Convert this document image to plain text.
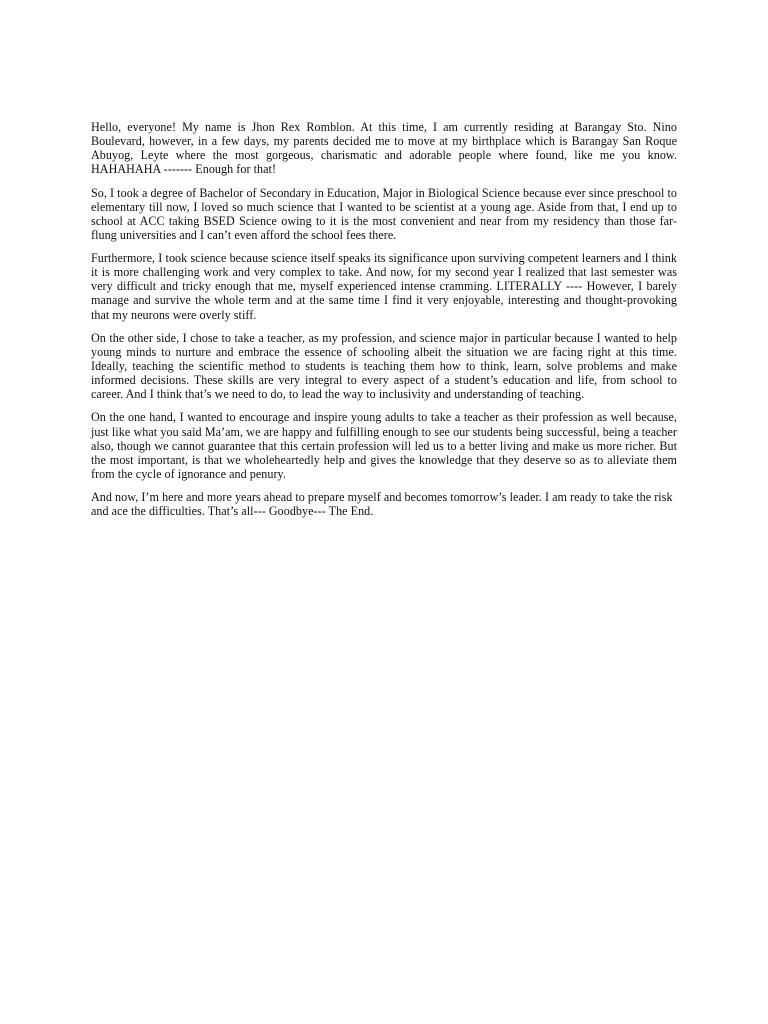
Hello, everyone! My name is Jhon Rex Romblon. At this time, I am currently residing at Barangay Sto. Nino Boulevard, however, in a few days, my parents decided me to move at my birthplace which is Barangay San Roque Abuyog, Leyte where the most gorgeous, charismatic and adorable people where found, like me you know. HAHAHAHA ------- Enough for that!

So, I took a degree of Bachelor of Secondary in Education, Major in Biological Science because ever since preschool to elementary till now, I loved so much science that I wanted to be scientist at a young age. Aside from that, I end up to school at ACC taking BSED Science owing to it is the most convenient and near from my residency than those far-flung universities and I can’t even afford the school fees there.

Furthermore, I took science because science itself speaks its significance upon surviving competent learners and I think it is more challenging work and very complex to take. And now, for my second year I realized that last semester was very difficult and tricky enough that me, myself experienced intense cramming. LITERALLY ---- However, I barely manage and survive the whole term and at the same time I find it very enjoyable, interesting and thought-provoking that my neurons were overly stiff.

On the other side, I chose to take a teacher, as my profession, and science major in particular because I wanted to help young minds to nurture and embrace the essence of schooling albeit the situation we are facing right at this time. Ideally, teaching the scientific method to students is teaching them how to think, learn, solve problems and make informed decisions. These skills are very integral to every aspect of a student’s education and life, from school to career. And I think that’s we need to do, to lead the way to inclusivity and understanding of teaching.

On the one hand, I wanted to encourage and inspire young adults to take a teacher as their profession as well because, just like what you said Ma’am, we are happy and fulfilling enough to see our students being successful, being a teacher also, though we cannot guarantee that this certain profession will led us to a better living and make us more richer. But the most important, is that we wholeheartedly help and gives the knowledge that they deserve so as to alleviate them from the cycle of ignorance and penury.

And now, I’m here and more years ahead to prepare myself and becomes tomorrow’s leader. I am ready to take the risk and ace the difficulties. That’s all--- Goodbye--- The End.
